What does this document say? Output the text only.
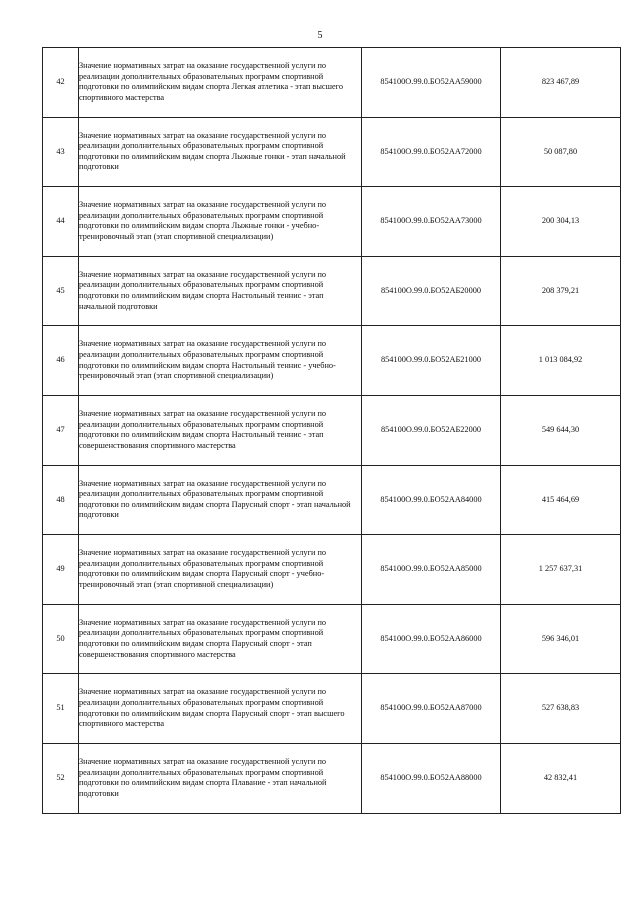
5
42	Значение нормативных затрат на оказание государственной услуги по реализации дополнительных образовательных программ спортивной подготовки по олимпийским видам спорта Легкая атлетика - этап высшего спортивного мастерства	854100О.99.0.БО52АА59000	823 467,89
43	Значение нормативных затрат на оказание государственной услуги по реализации дополнительных образовательных программ спортивной подготовки по олимпийским видам спорта Лыжные гонки - этап начальной подготовки	854100О.99.0.БО52АА72000	50 087,80
44	Значение нормативных затрат на оказание государственной услуги по реализации дополнительных образовательных программ спортивной подготовки по олимпийским видам спорта Лыжные гонки - учебно-тренировочный этап (этап спортивной специализации)	854100О.99.0.БО52АА73000	200 304,13
45	Значение нормативных затрат на оказание государственной услуги по реализации дополнительных образовательных программ спортивной подготовки по олимпийским видам спорта Настольный теннис - этап начальной подготовки	854100О.99.0.БО52АБ20000	208 379,21
46	Значение нормативных затрат на оказание государственной услуги по реализации дополнительных образовательных программ спортивной подготовки по олимпийским видам спорта Настольный теннис - учебно-тренировочный этап (этап спортивной специализации)	854100О.99.0.БО52АБ21000	1 013 084,92
47	Значение нормативных затрат на оказание государственной услуги по реализации дополнительных образовательных программ спортивной подготовки по олимпийским видам спорта Настольный теннис - этап совершенствования спортивного мастерства	854100О.99.0.БО52АБ22000	549 644,30
48	Значение нормативных затрат на оказание государственной услуги по реализации дополнительных образовательных программ спортивной подготовки по олимпийским видам спорта Парусный спорт - этап начальной подготовки	854100О.99.0.БО52АА84000	415 464,69
49	Значение нормативных затрат на оказание государственной услуги по реализации дополнительных образовательных программ спортивной подготовки по олимпийским видам спорта Парусный спорт - учебно-тренировочный этап (этап спортивной специализации)	854100О.99.0.БО52АА85000	1 257 637,31
50	Значение нормативных затрат на оказание государственной услуги по реализации дополнительных образовательных программ спортивной подготовки по олимпийским видам спорта Парусный спорт - этап совершенствования спортивного мастерства	854100О.99.0.БО52АА86000	596 346,01
51	Значение нормативных затрат на оказание государственной услуги по реализации дополнительных образовательных программ спортивной подготовки по олимпийским видам спорта Парусный спорт - этап высшего спортивного мастерства	854100О.99.0.БО52АА87000	527 638,83
52	Значение нормативных затрат на оказание государственной услуги по реализации дополнительных образовательных программ спортивной подготовки по олимпийским видам спорта Плавание - этап начальной подготовки	854100О.99.0.БО52АА88000	42 832,41
